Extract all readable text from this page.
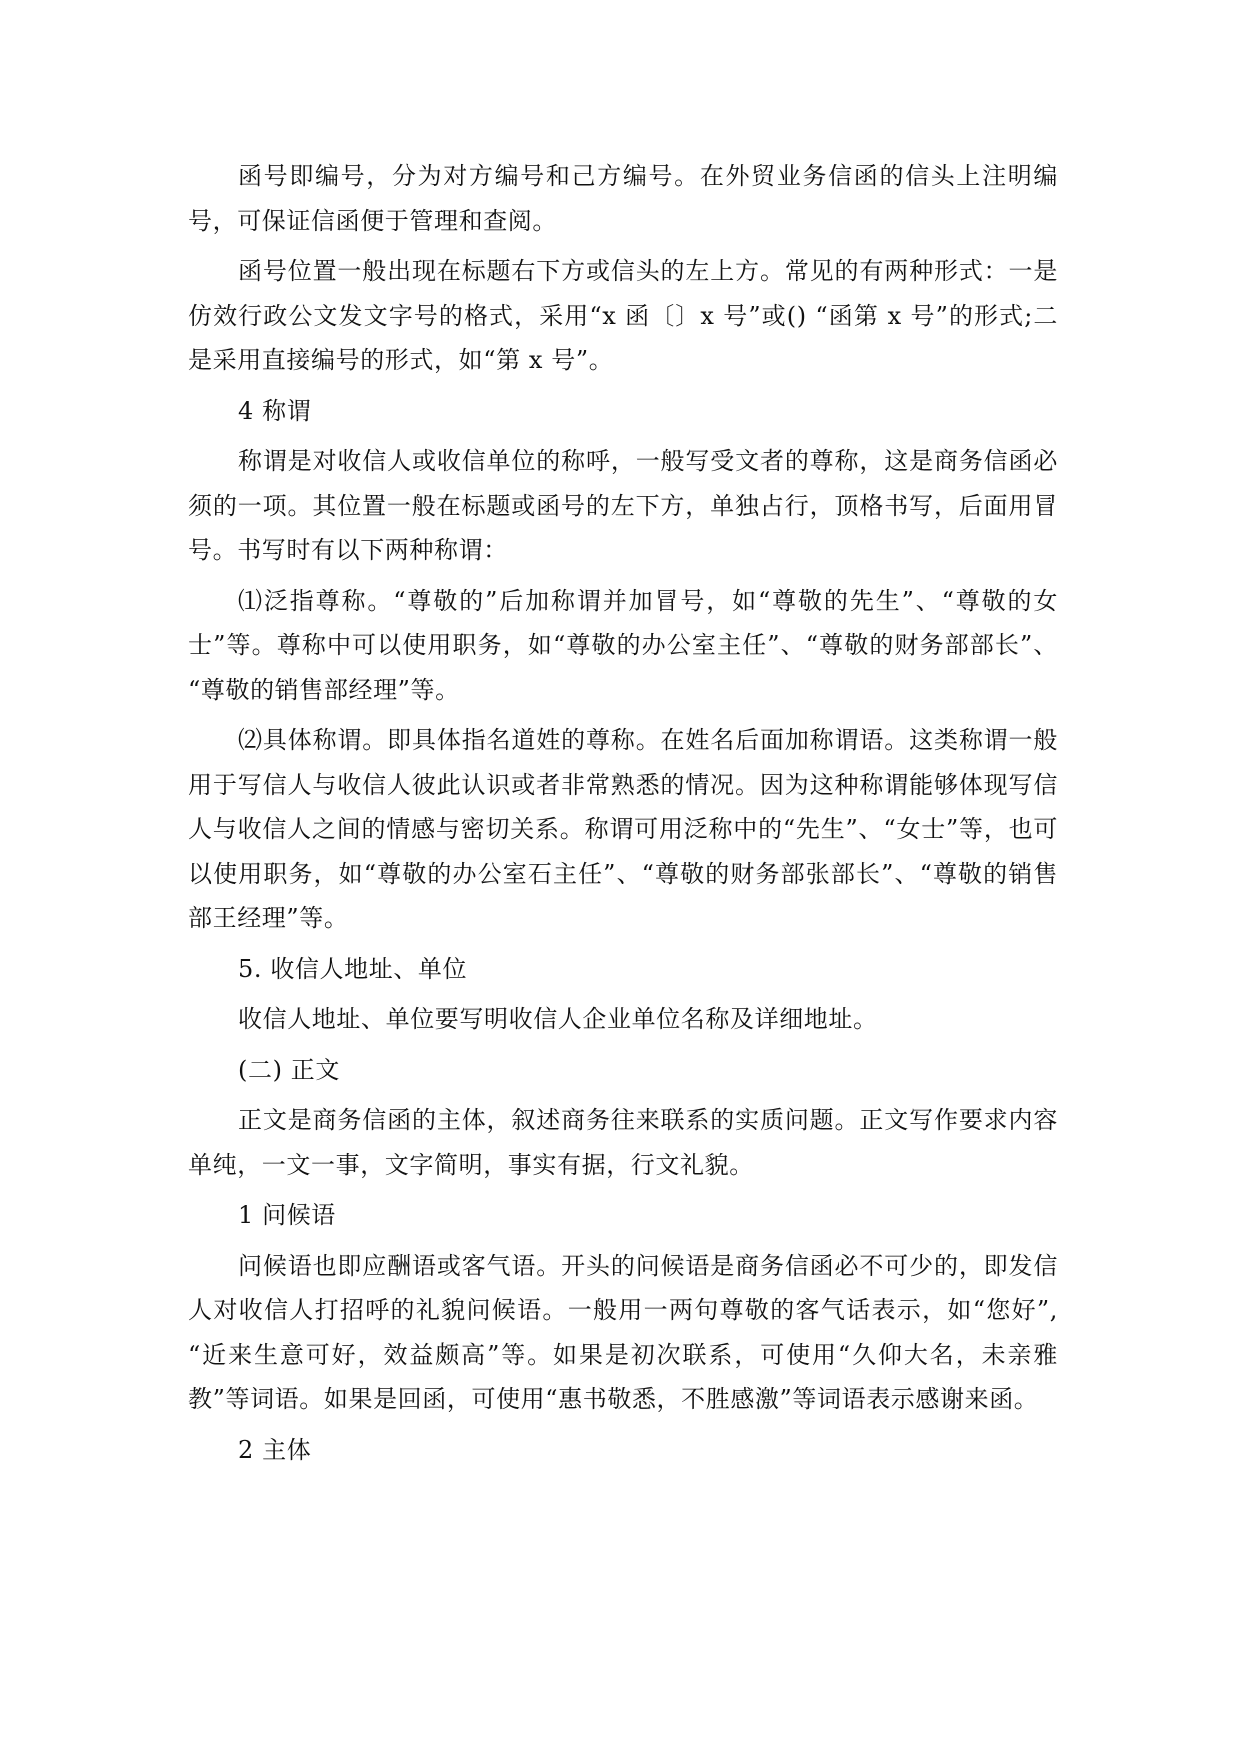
函号即编号，分为对方编号和己方编号。在外贸业务信函的信头上注明编号，可保证信函便于管理和查阅。

函号位置一般出现在标题右下方或信头的左上方。常见的有两种形式：一是仿效行政公文发文字号的格式，采用“x 函〔〕x 号”或() “函第 x 号”的形式;二是采用直接编号的形式，如“第 x 号”。

4 称谓

称谓是对收信人或收信单位的称呼，一般写受文者的尊称，这是商务信函必须的一项。其位置一般在标题或函号的左下方，单独占行，顶格书写，后面用冒号。书写时有以下两种称谓：

⑴泛指尊称。“尊敬的”后加称谓并加冒号，如“尊敬的先生”、“尊敬的女士”等。尊称中可以使用职务，如“尊敬的办公室主任”、“尊敬的财务部部长”、 “尊敬的销售部经理”等。

⑵具体称谓。即具体指名道姓的尊称。在姓名后面加称谓语。这类称谓一般用于写信人与收信人彼此认识或者非常熟悉的情况。因为这种称谓能够体现写信人与收信人之间的情感与密切关系。称谓可用泛称中的“先生”、“女士”等，也可以使用职务，如“尊敬的办公室石主任”、“尊敬的财务部张部长”、“尊敬的销售部王经理”等。

5. 收信人地址、单位

收信人地址、单位要写明收信人企业单位名称及详细地址。

(二) 正文

正文是商务信函的主体，叙述商务往来联系的实质问题。正文写作要求内容单纯，一文一事，文字简明，事实有据，行文礼貌。

1 问候语

问候语也即应酬语或客气语。开头的问候语是商务信函必不可少的，即发信人对收信人打招呼的礼貌问候语。一般用一两句尊敬的客气话表示，如“您好”, “近来生意可好，效益颇高”等。如果是初次联系，可使用“久仰大名，未亲雅教”等词语。如果是回函，可使用“惠书敬悉，不胜感激”等词语表示感谢来函。

2 主体
